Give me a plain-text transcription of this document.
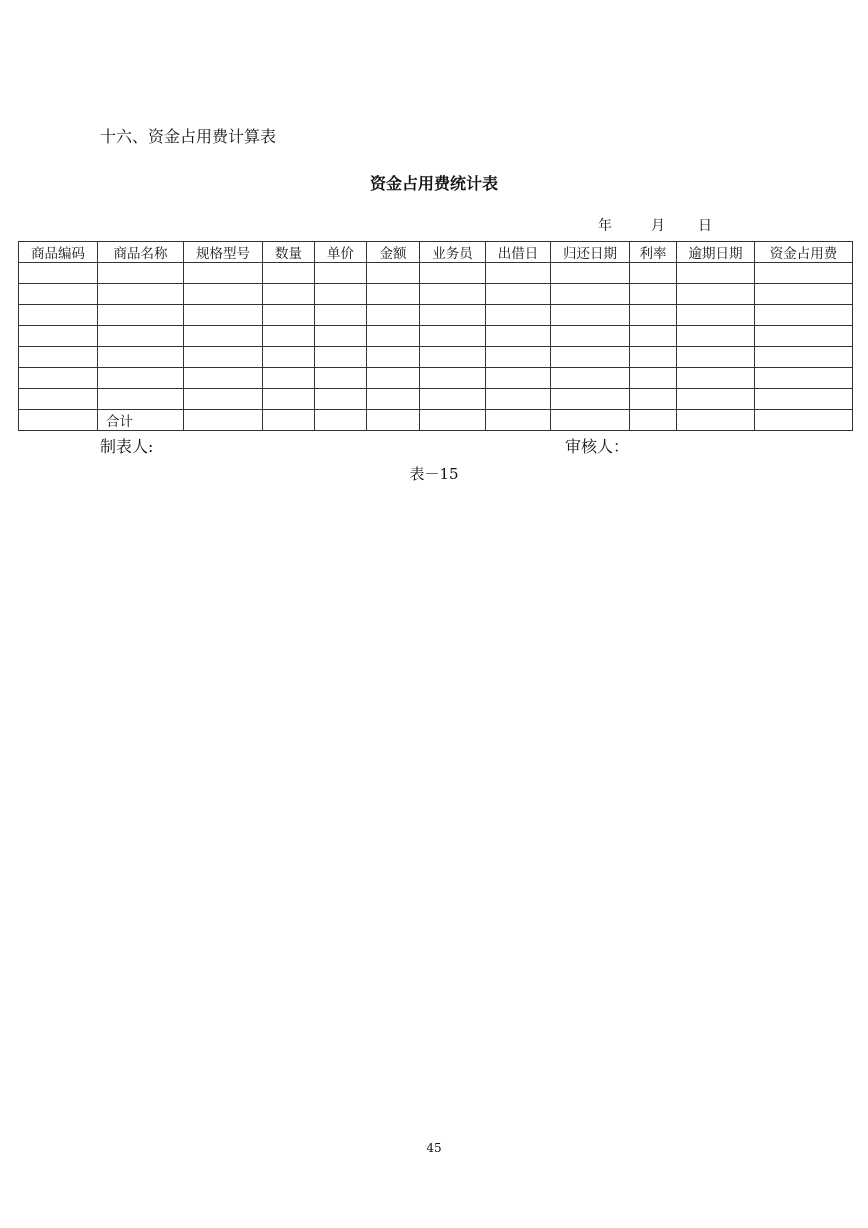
十六、资金占用费计算表
资金占用费统计表
年	月 日
商品编码	商品名称	规格型号	数量	单价	金额	业务员	出借日	归还日期	利率	逾期日期	资金占用费

	合计										
制表人:	审核人：
表－15
45
